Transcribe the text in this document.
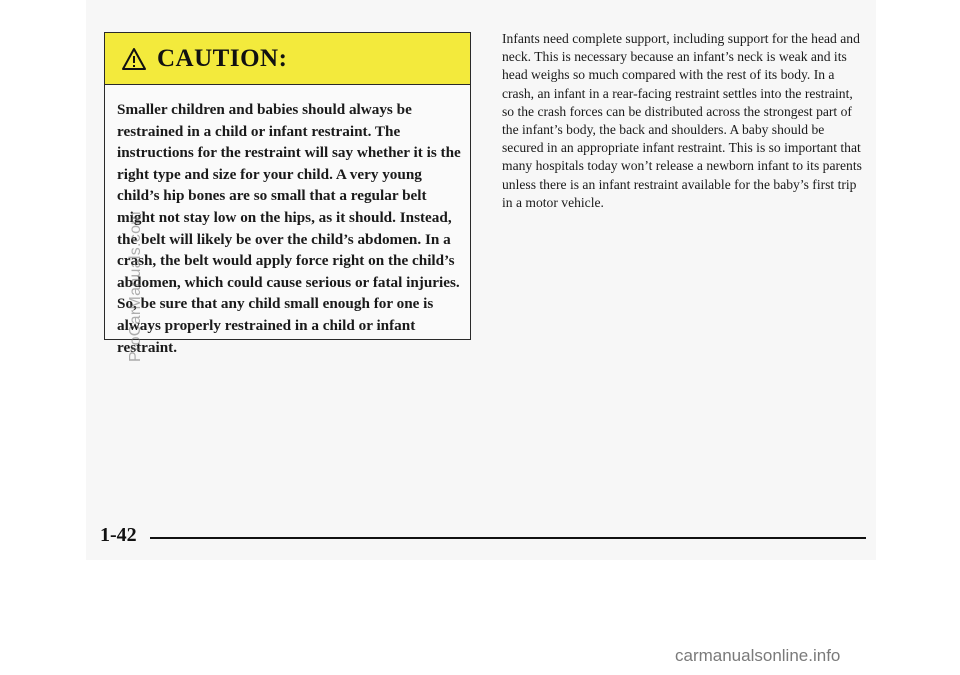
CAUTION:

Smaller children and babies should always be restrained in a child or infant restraint. The instructions for the restraint will say whether it is the right type and size for your child. A very young child’s hip bones are so small that a regular belt might not stay low on the hips, as it should. Instead, the belt will likely be over the child’s abdomen. In a crash, the belt would apply force right on the child’s abdomen, which could cause serious or fatal injuries. So, be sure that any child small enough for one is always properly restrained in a child or infant restraint.

Infants need complete support, including support for the head and neck. This is necessary because an infant’s neck is weak and its head weighs so much compared with the rest of its body. In a crash, an infant in a rear-facing restraint settles into the restraint, so the crash forces can be distributed across the strongest part of the infant’s body, the back and shoulders. A baby should be secured in an appropriate infant restraint. This is so important that many hospitals today won’t release a newborn infant to its parents unless there is an infant restraint available for the baby’s first trip in a motor vehicle.

1-42
ProCarManuals.com
carmanualsonline.info
